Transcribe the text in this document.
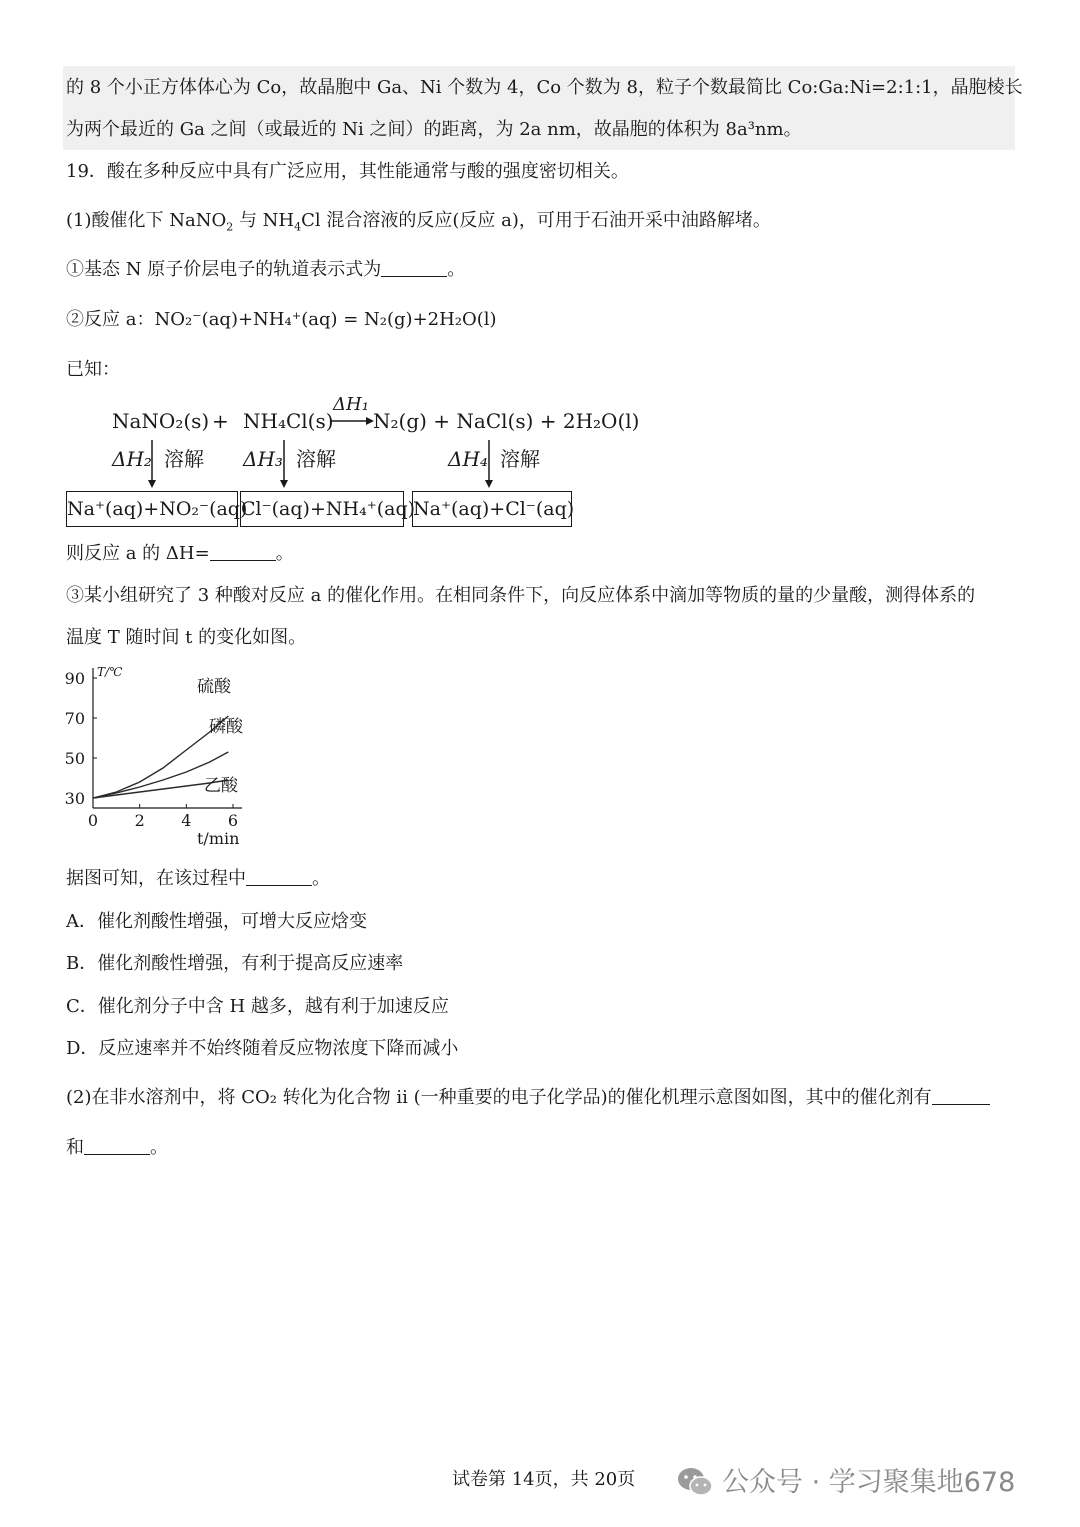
的 8 个小正方体体心为 Co，故晶胞中 Ga、Ni 个数为 4，Co 个数为 8，粒子个数最简比 Co:Ga:Ni=2:1:1，晶胞棱长
为两个最近的 Ga 之间（或最近的 Ni 之间）的距离，为 2a nm，故晶胞的体积为 8a³nm。
19．酸在多种反应中具有广泛应用，其性能通常与酸的强度密切相关。
(1)酸催化下 NaNO$_2$ 与 $NH_4Cl$ 混合溶液的反应(反应 a)，可用于石油开采中油路解堵。
①基态 N 原子价层电子的轨道表示式为	。
②反应 a：NO₂⁻(aq)+NH₄⁺(aq) = N₂(g)+2H₂O(l)
已知：
NaNO₂(s) + NH₄Cl(s)
ΔH₁
→ N₂(g) + NaCl(s) + 2H₂O(l)
ΔH₂ 溶解 ΔH₃ 溶解	ΔH₄ 溶解
Na⁺(aq)+NO₂⁻(aq)
Cl⁻(aq)+NH₄⁺(aq)
Na⁺(aq)+Cl⁻(aq)
则反应 a 的 ΔH=	。
③某小组研究了 3 种酸对反应 a 的催化作用。在相同条件下，向反应体系中滴加等物质的量的少量酸，测得体系的
温度 T 随时间 t 的变化如图。
30
50
70
90
0 2 4 6
T/℃
t/min
硫酸
磷酸
乙酸
据图可知，在该过程中	。
A．催化剂酸性增强，可增大反应焓变
B．催化剂酸性增强，有利于提高反应速率
C．催化剂分子中含 H 越多，越有利于加速反应
D．反应速率并不始终随着反应物浓度下降而减小
(2)在非水溶剂中，将 CO₂ 转化为化合物 ii (一种重要的电子化学品)的催化机理示意图如图，其中的催化剂有
和	。
试卷第 14页，共 20页	公众号 · 学习聚集地678
